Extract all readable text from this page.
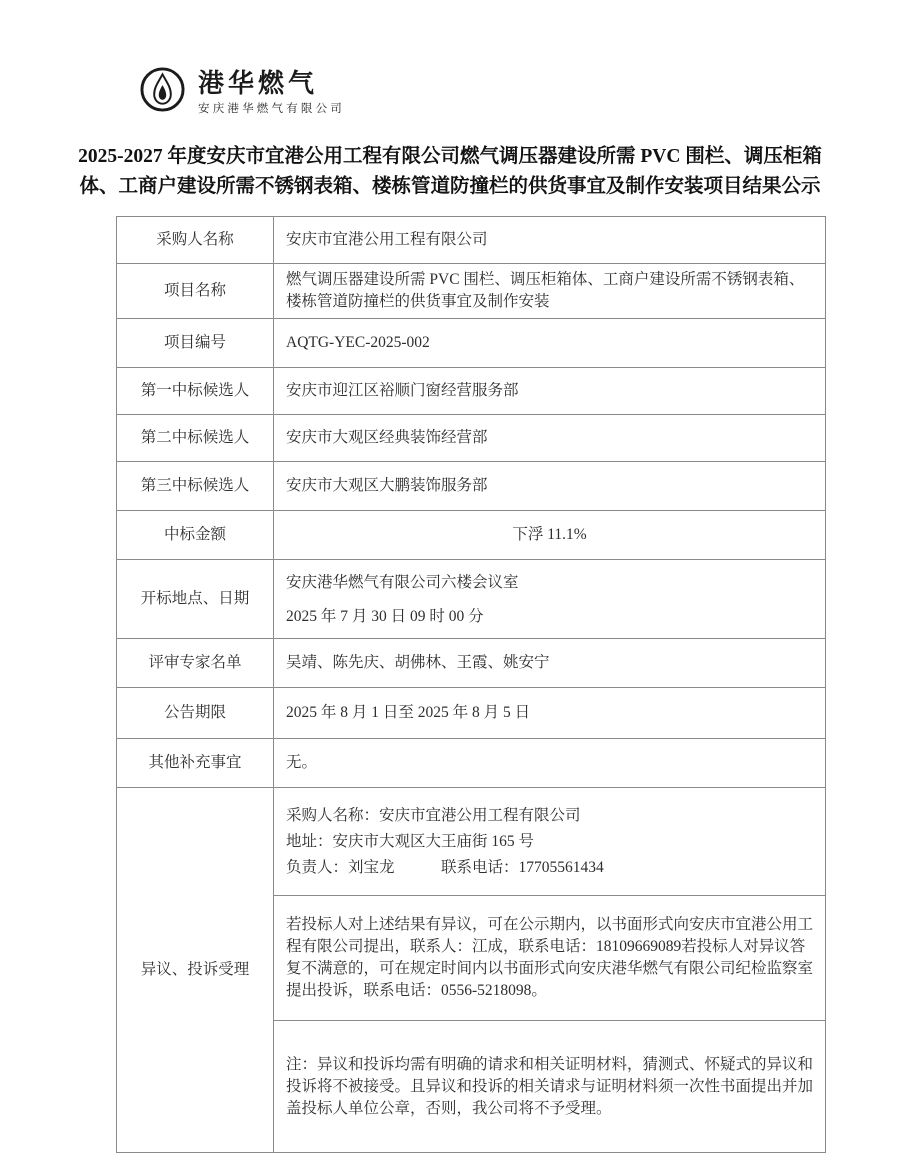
港华燃气
安庆港华燃气有限公司
2025-2027 年度安庆市宜港公用工程有限公司燃气调压器建设所需 PVC 围栏、调压柜箱
体、工商户建设所需不锈钢表箱、楼栋管道防撞栏的供货事宜及制作安装项目结果公示
采购人名称	安庆市宜港公用工程有限公司
项目名称	燃气调压器建设所需 PVC 围栏、调压柜箱体、工商户建设所需不锈钢表箱、楼栋管道防撞栏的供货事宜及制作安装
项目编号	AQTG-YEC-2025-002
第一中标候选人	安庆市迎江区裕顺门窗经营服务部
第二中标候选人	安庆市大观区经典装饰经营部
第三中标候选人	安庆市大观区大鹏装饰服务部
中标金额	下浮 11.1%
开标地点、日期	安庆港华燃气有限公司六楼会议室
2025 年 7 月 30 日 09 时 00 分

评审专家名单	吴靖、陈先庆、胡佛林、王霞、姚安宁
公告期限	2025 年 8 月 1 日至 2025 年 8 月 5 日
其他补充事宜	无。
异议、投诉受理	采购人名称：安庆市宜港公用工程有限公司
地址：安庆市大观区大王庙街 165 号
负责人：刘宝龙　　　联系电话：17705561434

	若投标人对上述结果有异议，可在公示期内，以书面形式向安庆市宜港公用工程有限公司提出，联系人：江成，联系电话：18109669089若投标人对异议答复不满意的，可在规定时间内以书面形式向安庆港华燃气有限公司纪检监察室提出投诉，联系电话：0556-5218098。
	注：异议和投诉均需有明确的请求和相关证明材料，猜测式、怀疑式的异议和投诉将不被接受。且异议和投诉的相关请求与证明材料须一次性书面提出并加盖投标人单位公章，否则，我公司将不予受理。
